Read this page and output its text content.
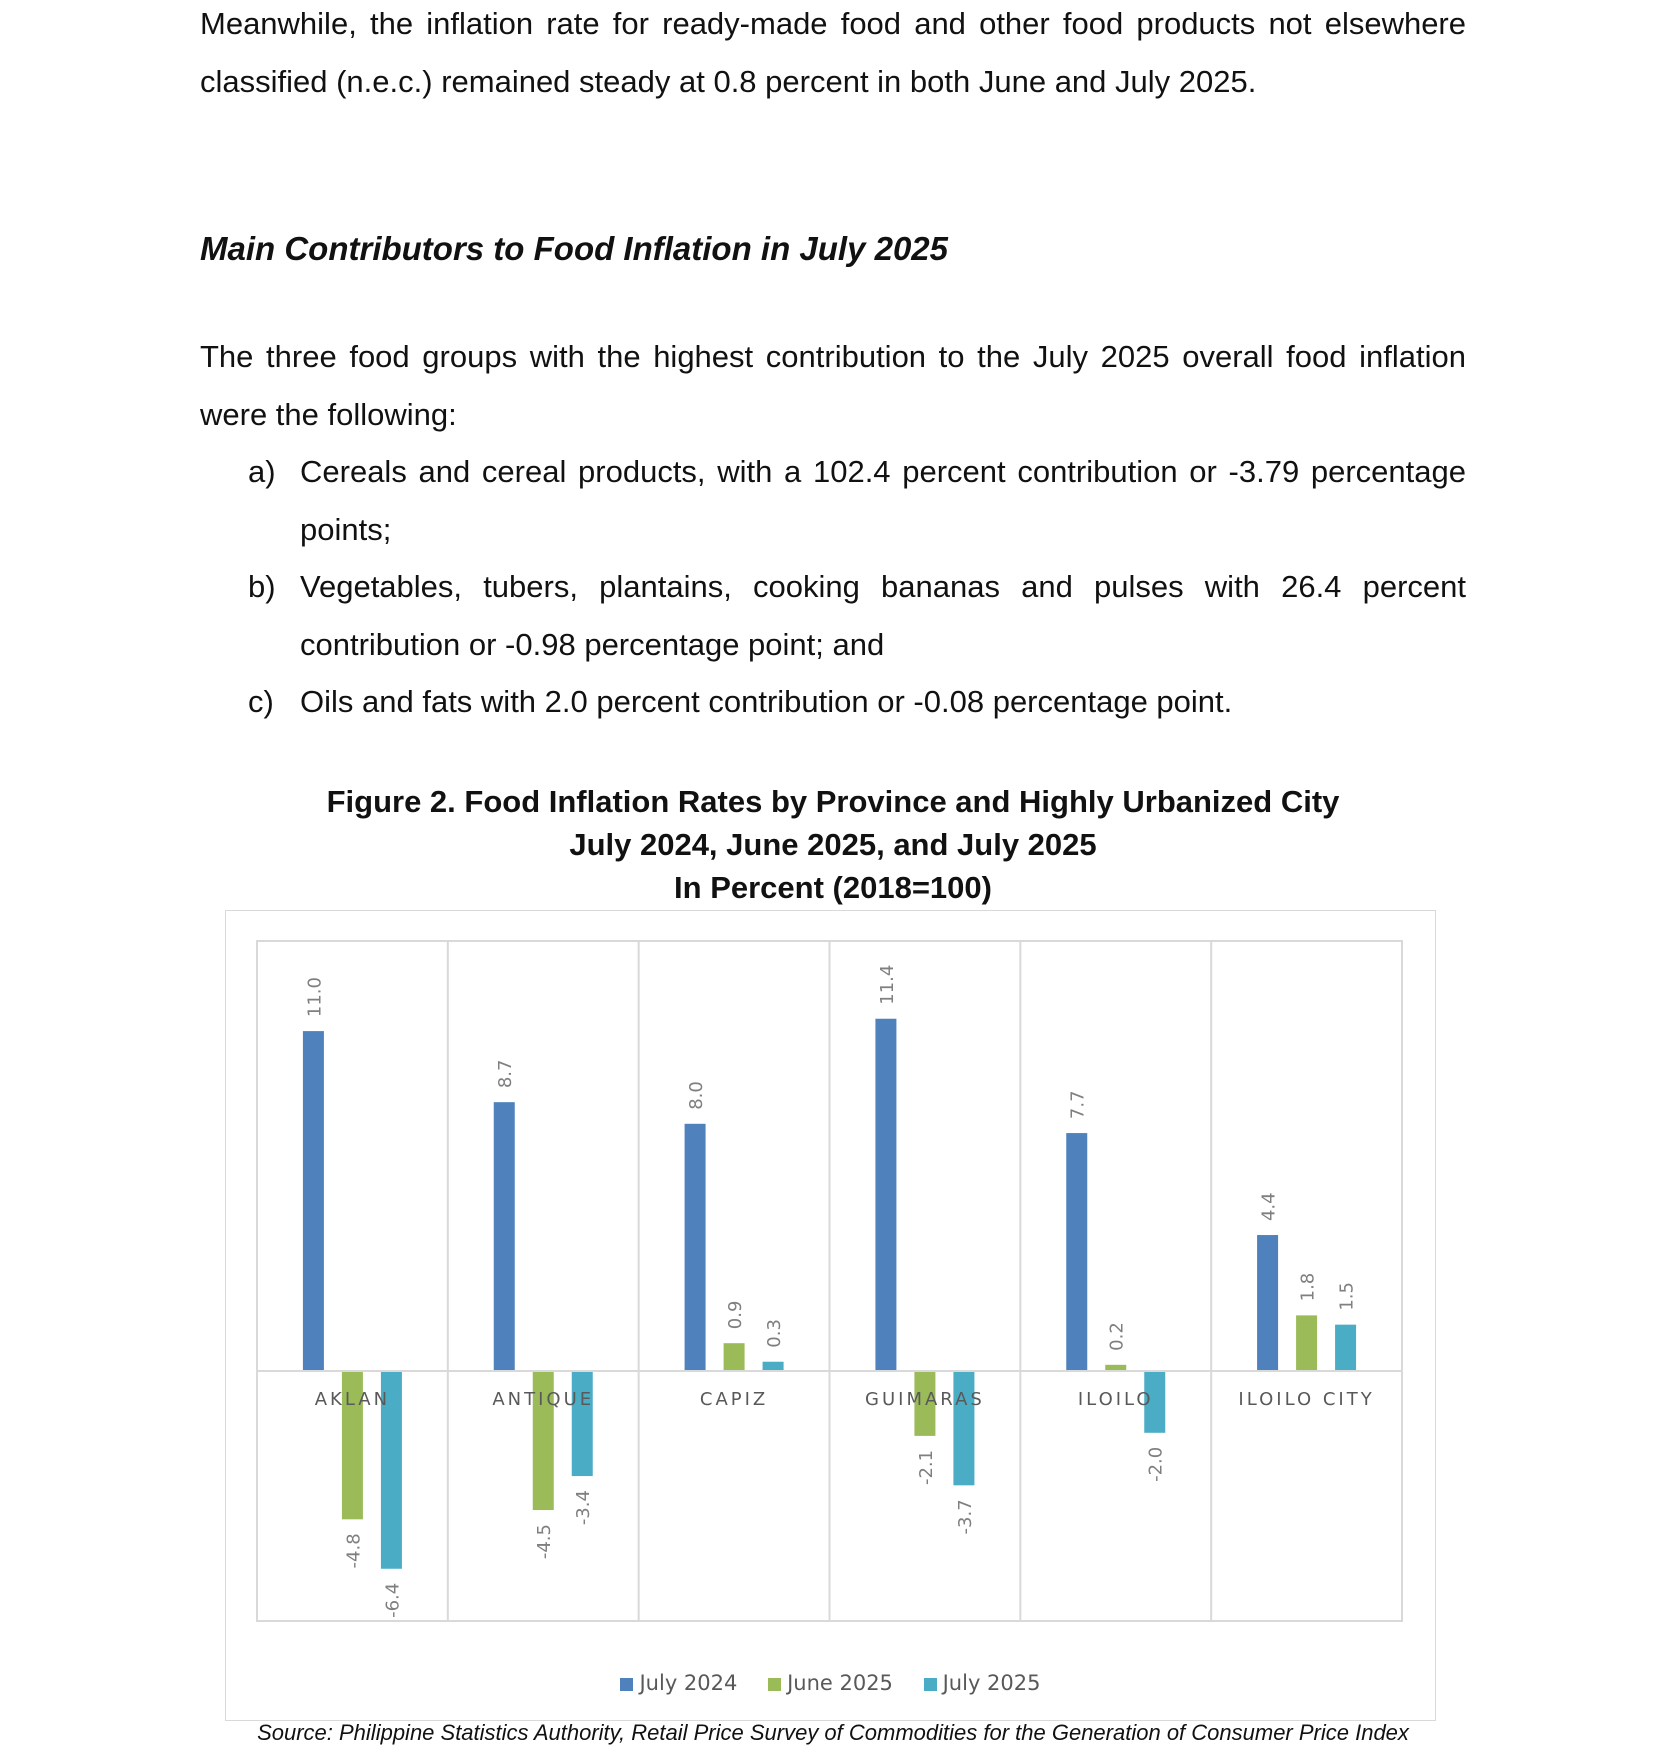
Meanwhile, the inflation rate for ready-made food and other food products not elsewhere classified (n.e.c.) remained steady at 0.8 percent in both June and July 2025.

Main Contributors to Food Inflation in July 2025

The three food groups with the highest contribution to the July 2025 overall food inflation were the following:

a) Cereals and cereal products, with a 102.4 percent contribution or -3.79 percentage points;
b) Vegetables, tubers, plantains, cooking bananas and pulses with 26.4 percent contribution or -0.98 percentage point; and
c) Oils and fats with 2.0 percent contribution or -0.08 percentage point.
Figure 2. Food Inflation Rates by Province and Highly Urbanized City
July 2024, June 2025, and July 2025
In Percent (2018=100)
AKLAN	ANTIQUE	CAPIZ	GUIMARAS	ILOILO	ILOILO CITY
11.0
8.7
8.0
11.4
7.7
4.4
-4.8	-4.5
0.9
-2.1
0.2
1.8
-6.4
-3.4
0.3
-3.7
-2.0
1.5
July 2024 June 2025 July 2025

Source: Philippine Statistics Authority, Retail Price Survey of Commodities for the Generation of Consumer Price Index
